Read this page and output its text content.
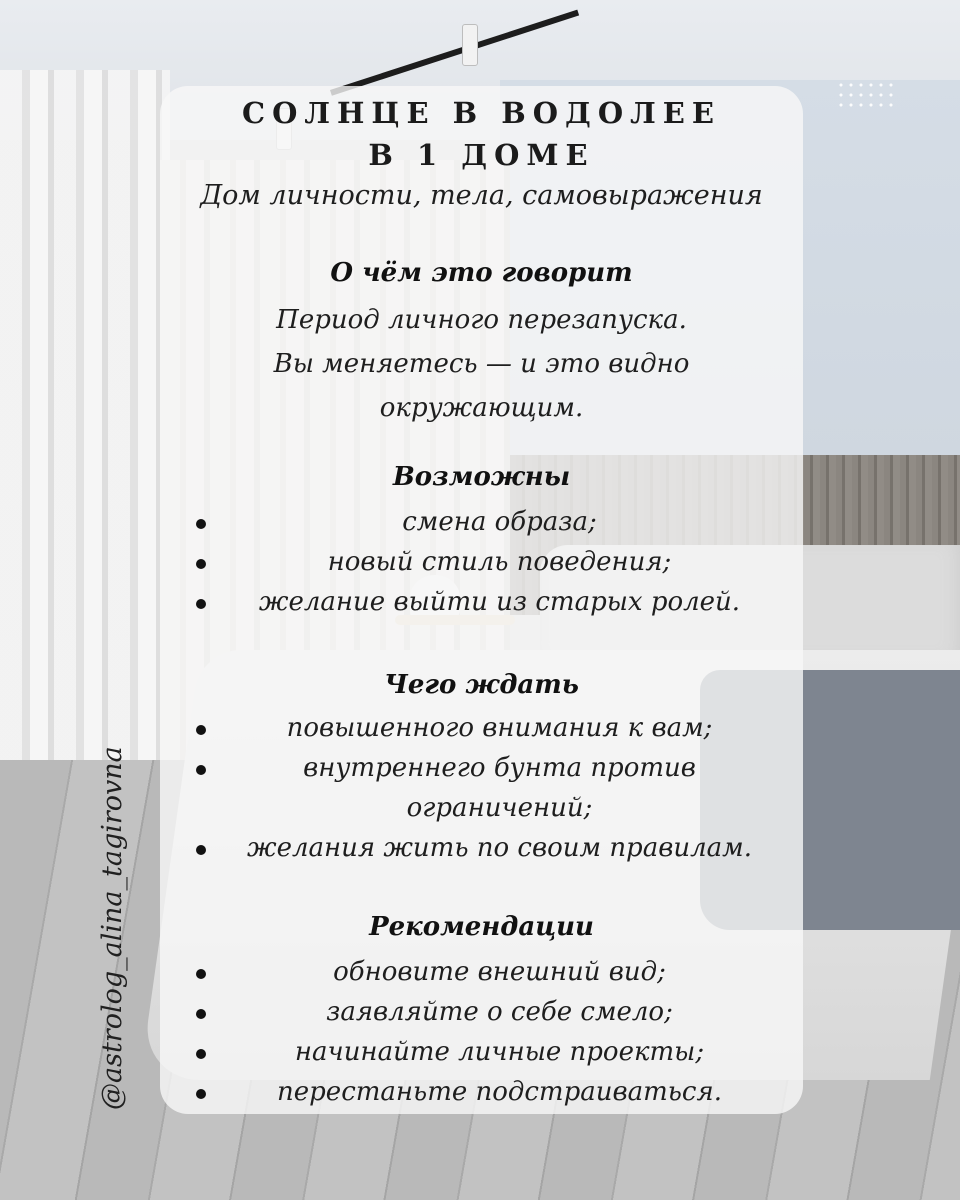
СОЛНЦЕ В ВОДОЛЕЕ
В 1 ДОМЕ
Дом личности, тела, самовыражения
О чём это говорит
Период личного перезапуска.
Вы меняетесь — и это видно
окружающим.
Возможны
смена образа;
новый стиль поведения;
желание выйти из старых ролей.
Чего ждать
повышенного внимания к вам;
внутреннего бунта против
ограничений;
желания жить по своим правилам.
Рекомендации
обновите внешний вид;
заявляйте о себе смело;
начинайте личные проекты;
перестаньте подстраиваться.
@astrolog_alina_tagirovna
